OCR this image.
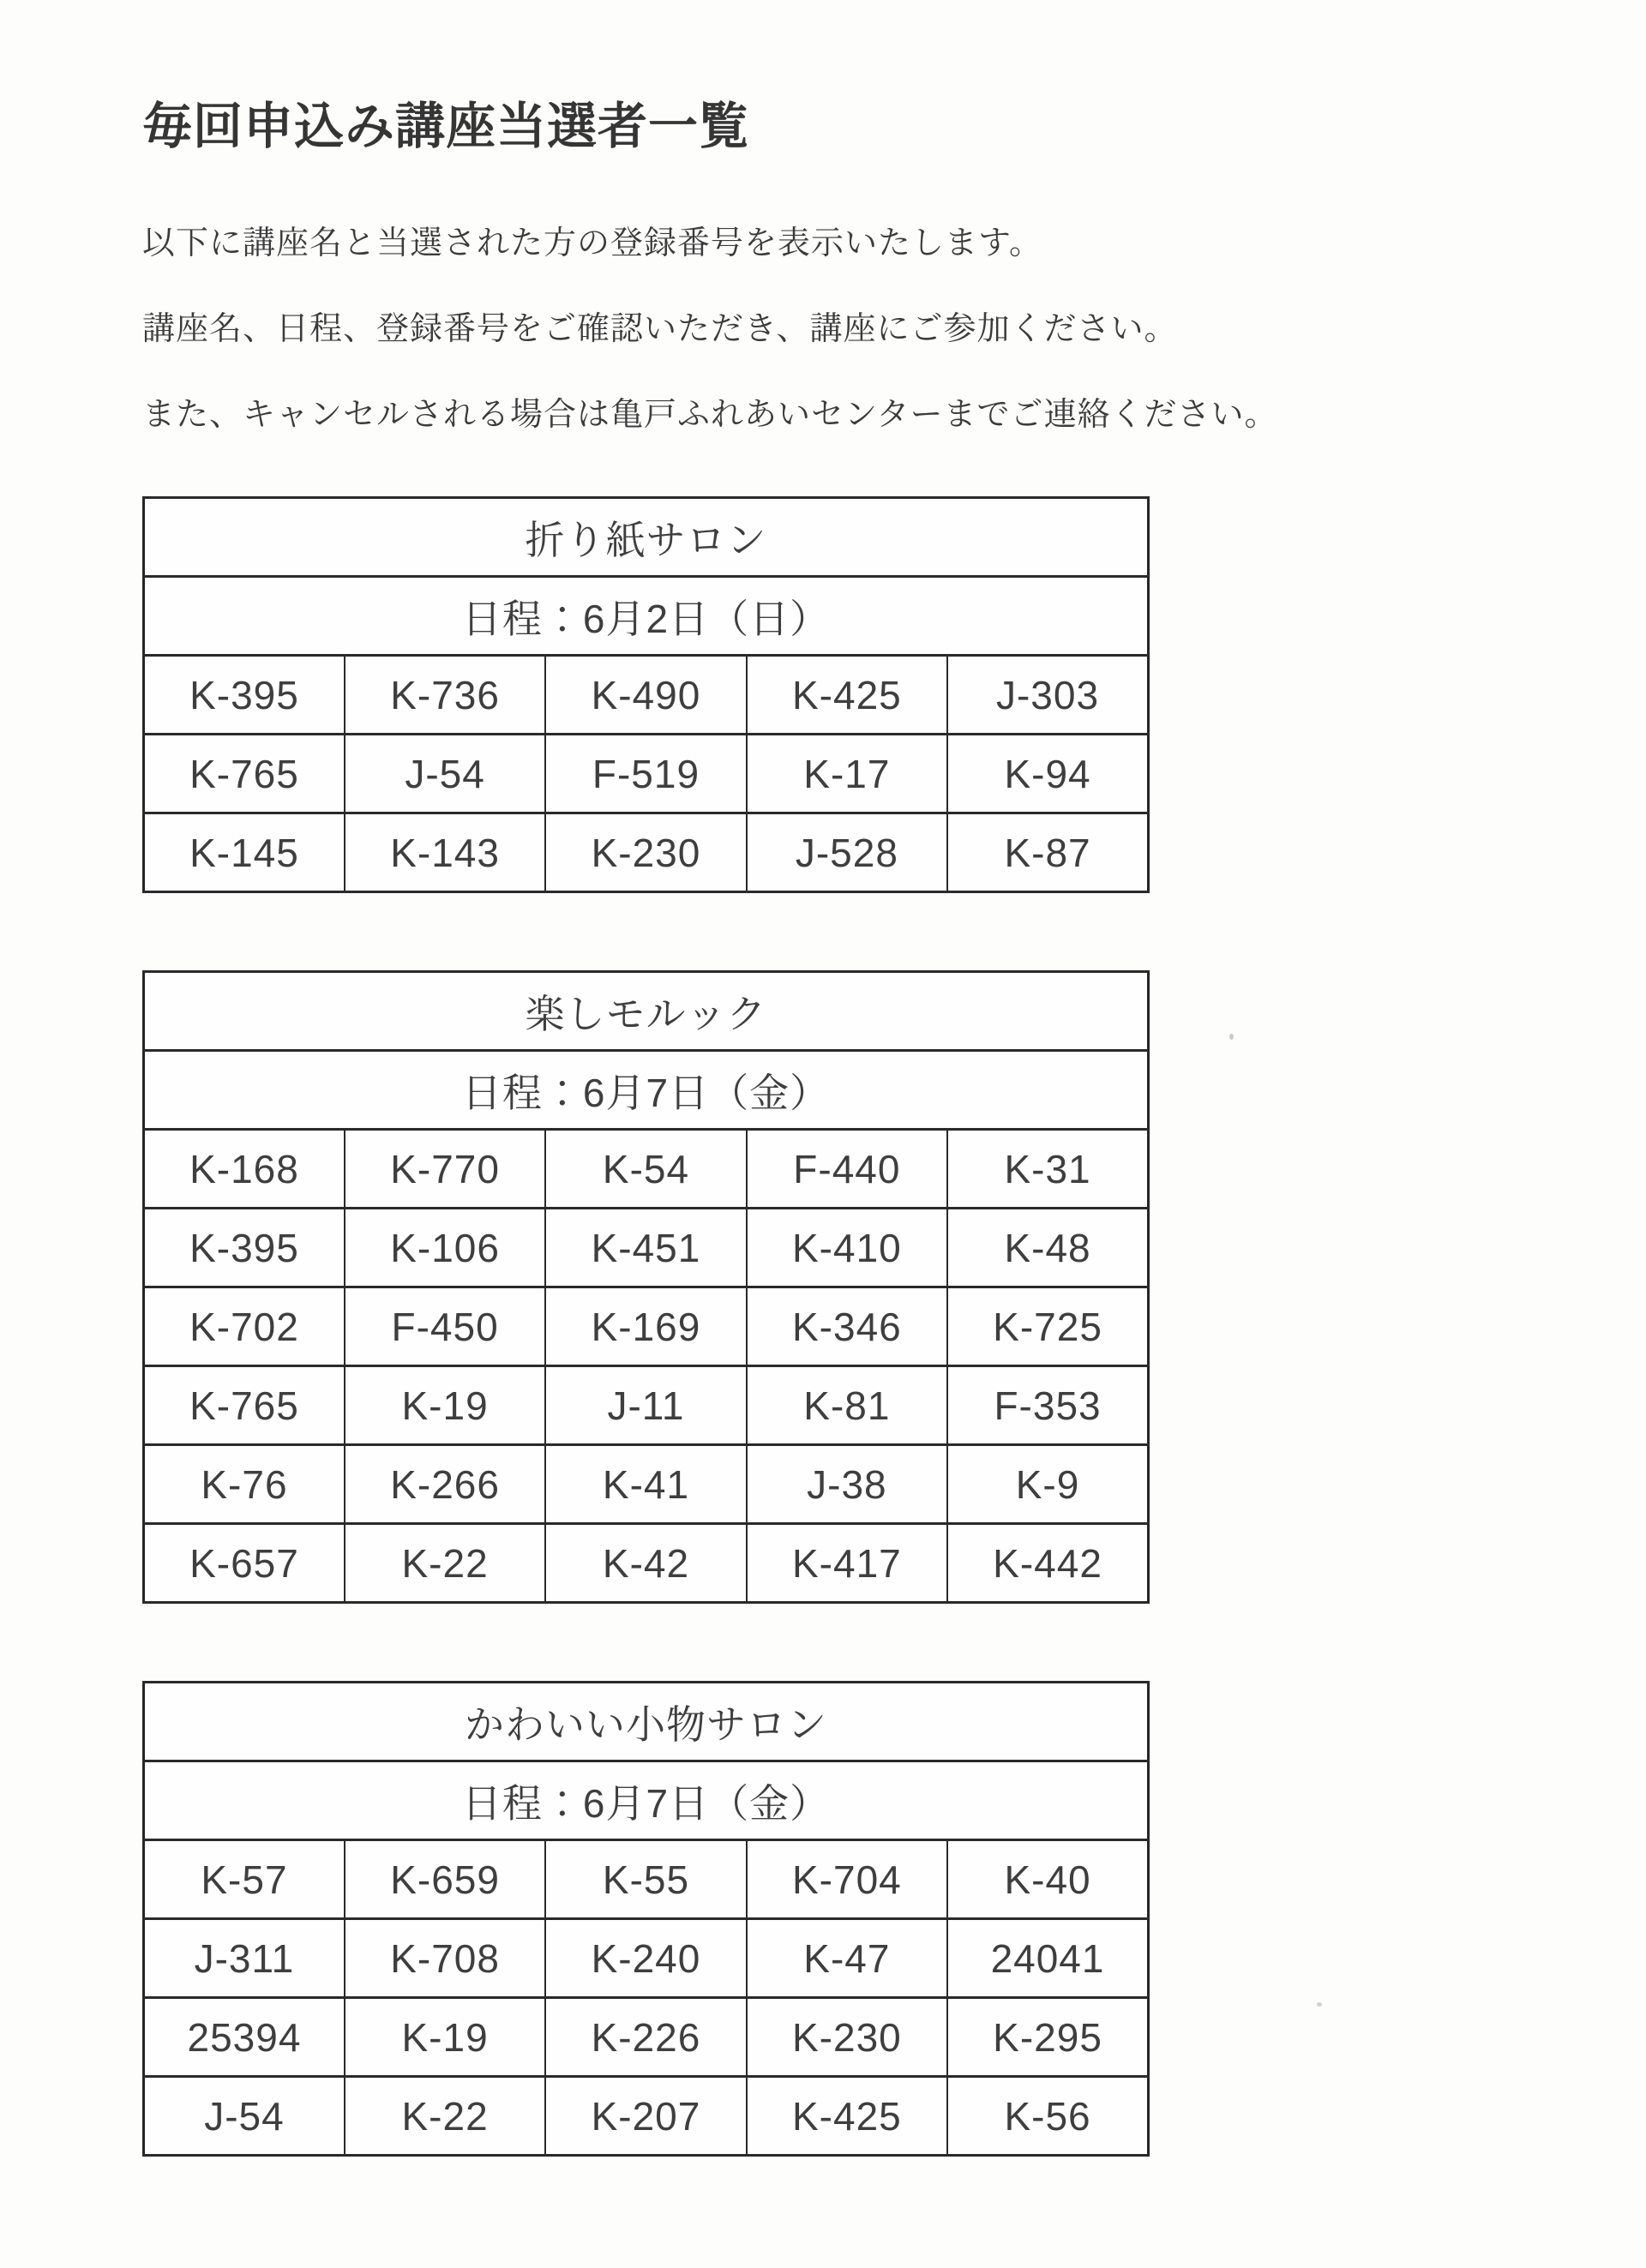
毎回申込み講座当選者一覧

以下に講座名と当選された方の登録番号を表示いたします。

講座名、日程、登録番号をご確認いただき、講座にご参加ください。

また、キャンセルされる場合は亀戸ふれあいセンターまでご連絡ください。

折り紙サロン				
日程：6月2日（日）				
K-395	K-736	K-490	K-425	J-303
K-765	J-54	F-519	K-17	K-94
K-145	K-143	K-230	J-528	K-87
楽しモルック				
日程：6月7日（金）				
K-168	K-770	K-54	F-440	K-31
K-395	K-106	K-451	K-410	K-48
K-702	F-450	K-169	K-346	K-725
K-765	K-19	J-11	K-81	F-353
K-76	K-266	K-41	J-38	K-9
K-657	K-22	K-42	K-417	K-442
かわいい小物サロン				
日程：6月7日（金）				
K-57	K-659	K-55	K-704	K-40
J-311	K-708	K-240	K-47	24041
25394	K-19	K-226	K-230	K-295
J-54	K-22	K-207	K-425	K-56
